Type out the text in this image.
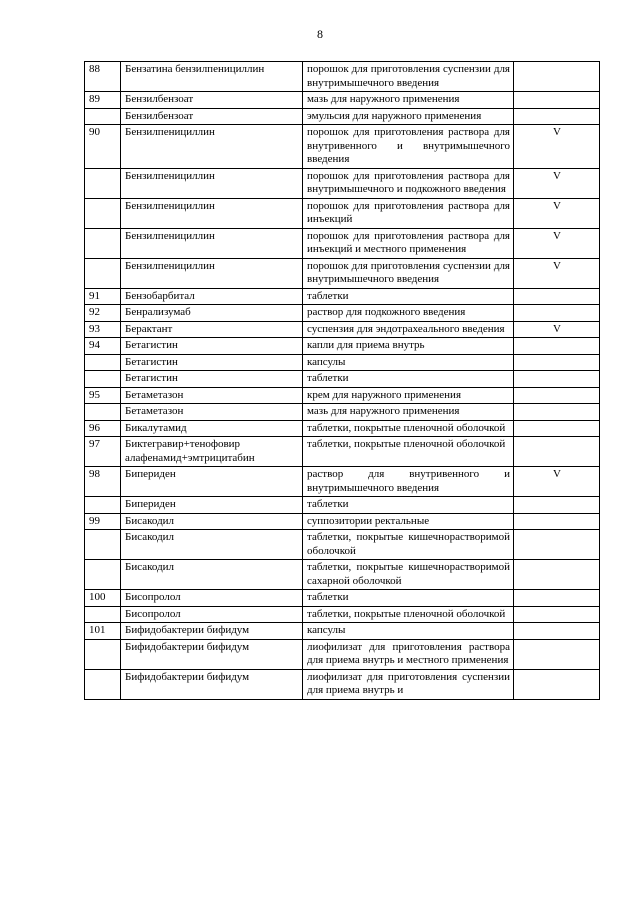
8
88	Бензатина бензилпенициллин	порошок для приготовления суспензии для внутримышечного введения	
89	Бензилбензоат	мазь для наружного применения	
	Бензилбензоат	эмульсия для наружного применения	
90	Бензилпенициллин	порошок для приготовления раствора для внутривенного и внутримышечного введения	V
	Бензилпенициллин	порошок для приготовления раствора для внутримышечного и подкожного введения	V
	Бензилпенициллин	порошок для приготовления раствора для инъекций	V
	Бензилпенициллин	порошок для приготовления раствора для инъекций и местного применения	V
	Бензилпенициллин	порошок для приготовления суспензии для внутримышечного введения	V
91	Бензобарбитал	таблетки	
92	Бенрализумаб	раствор для подкожного введения	
93	Берактант	суспензия для эндотрахеального введения	V
94	Бетагистин	капли для приема внутрь	
	Бетагистин	капсулы	
	Бетагистин	таблетки	
95	Бетаметазон	крем для наружного применения	
	Бетаметазон	мазь для наружного применения	
96	Бикалутамид	таблетки, покрытые пленочной оболочкой	
97	Биктегравир+тенофовир алафенамид+эмтрицитабин	таблетки, покрытые пленочной оболочкой	
98	Бипериден	раствор для внутривенного и внутримышечного введения	V
	Бипериден	таблетки	
99	Бисакодил	суппозитории ректальные	
	Бисакодил	таблетки, покрытые кишечнорастворимой оболочкой	
	Бисакодил	таблетки, покрытые кишечнорастворимой сахарной оболочкой	
100	Бисопролол	таблетки	
	Бисопролол	таблетки, покрытые пленочной оболочкой	
101	Бифидобактерии бифидум	капсулы	
	Бифидобактерии бифидум	лиофилизат для приготовления раствора для приема внутрь и местного применения	
	Бифидобактерии бифидум	лиофилизат для приготовления суспензии для приема внутрь и	
